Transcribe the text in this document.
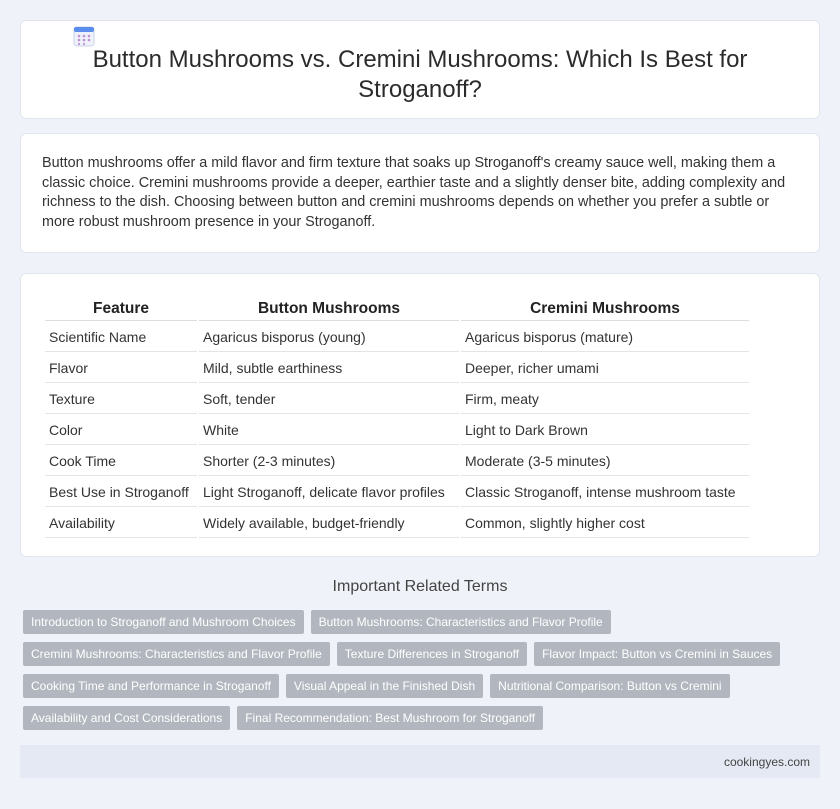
Button Mushrooms vs. Cremini Mushrooms: Which Is Best for Stroganoff?

Button mushrooms offer a mild flavor and firm texture that soaks up Stroganoff's creamy sauce well, making them a classic choice. Cremini mushrooms provide a deeper, earthier taste and a slightly denser bite, adding complexity and richness to the dish. Choosing between button and cremini mushrooms depends on whether you prefer a subtle or more robust mushroom presence in your Stroganoff.

Feature	Button Mushrooms	Cremini Mushrooms
Scientific Name	Agaricus bisporus (young)	Agaricus bisporus (mature)
Flavor	Mild, subtle earthiness	Deeper, richer umami
Texture	Soft, tender	Firm, meaty
Color	White	Light to Dark Brown
Cook Time	Shorter (2-3 minutes)	Moderate (3-5 minutes)
Best Use in Stroganoff	Light Stroganoff, delicate flavor profiles	Classic Stroganoff, intense mushroom taste
Availability	Widely available, budget-friendly	Common, slightly higher cost
Important Related Terms
Introduction to Stroganoff and Mushroom Choices	Button Mushrooms: Characteristics and Flavor Profile
Cremini Mushrooms: Characteristics and Flavor Profile	Texture Differences in Stroganoff	Flavor Impact: Button vs Cremini in Sauces
Cooking Time and Performance in Stroganoff	Visual Appeal in the Finished Dish	Nutritional Comparison: Button vs Cremini
Availability and Cost Considerations	Final Recommendation: Best Mushroom for Stroganoff
cookingyes.com
